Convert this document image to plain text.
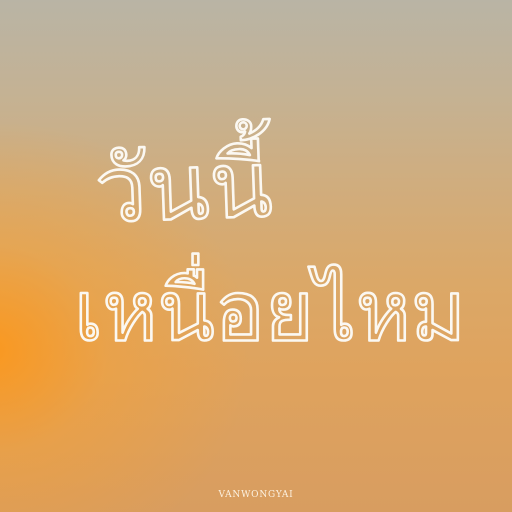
วันนี้
เหนื่อยไหม
VANWONGYAI
